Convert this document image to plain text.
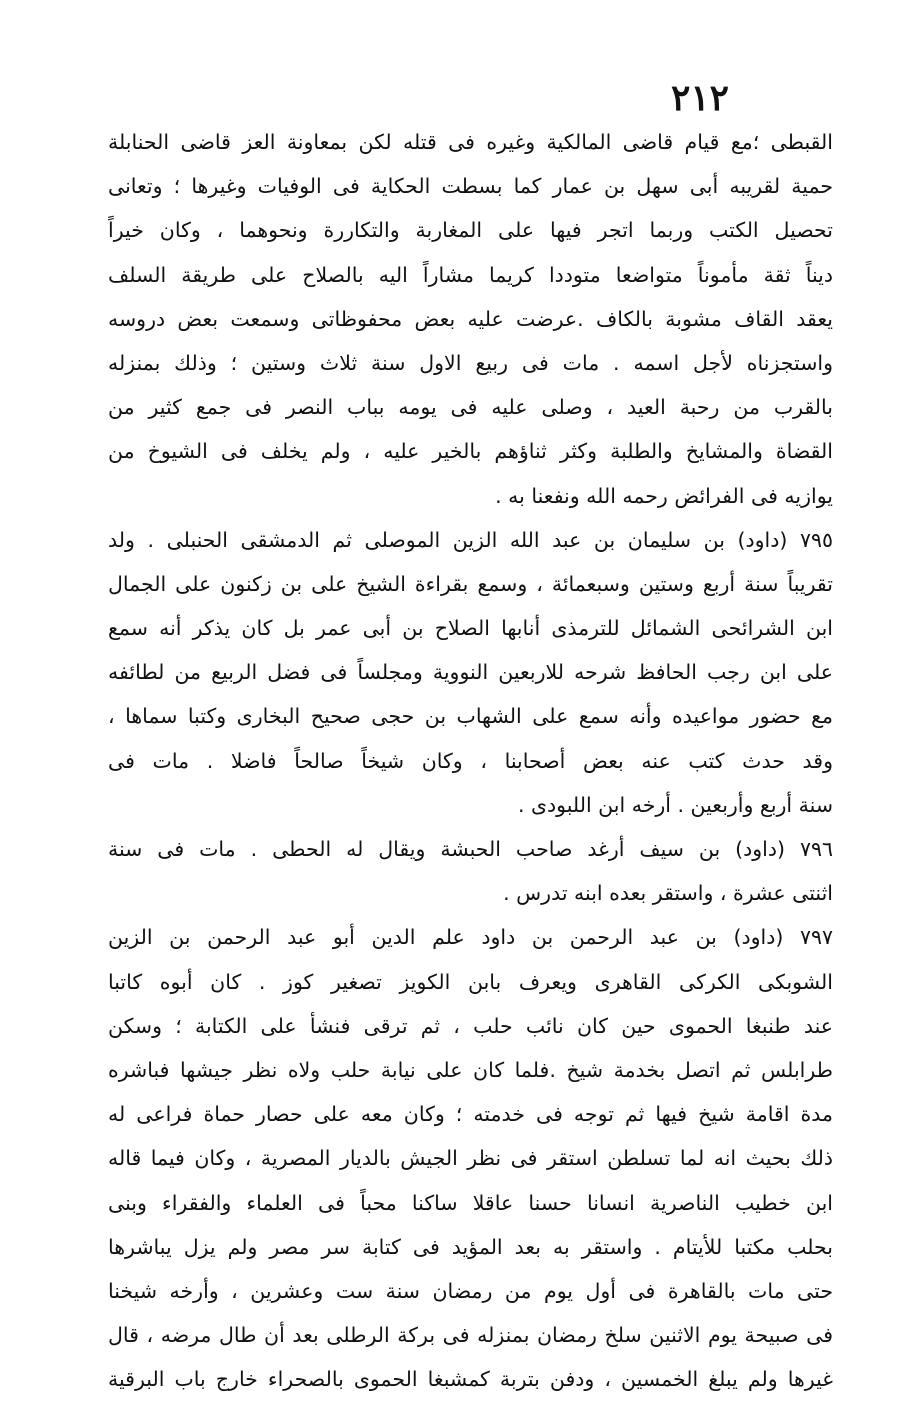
٢١٢
القبطى ؛مع قيام قاضى المالكية وغيره فى قتله لكن بمعاونة العز قاضى الحنابلة
حمية لقريبه أبى سهل بن عمار كما بسطت الحكاية فى الوفيات وغيرها ؛ وتعانى
تحصيل الكتب وربما اتجر فيها على المغاربة والتكاررة ونحوهما ، وكان خيراً
ديناً ثقة مأموناً متواضعا متوددا كريما مشاراً اليه بالصلاح على طريقة السلف
يعقد القاف مشوبة بالكاف .عرضت عليه بعض محفوظاتى وسمعت بعض دروسه
واستجزناه لأجل اسمه . مات فى ربيع الاول سنة ثلاث وستين ؛ وذلك بمنزله
بالقرب من رحبة العيد ، وصلى عليه فى يومه بباب النصر فى جمع كثير من
القضاة والمشايخ والطلبة وكثر ثناؤهم بالخير عليه ، ولم يخلف فى الشيوخ من
يوازيه فى الفرائض رحمه الله ونفعنا به .
٧٩٥ (داود) بن سليمان بن عبد الله الزين الموصلى ثم الدمشقى الحنبلى . ولد
تقريباً سنة أربع وستين وسبعمائة ، وسمع بقراءة الشيخ على بن زكنون على الجمال
ابن الشرائحى الشمائل للترمذى أنابها الصلاح بن أبى عمر بل كان يذكر أنه سمع
على ابن رجب الحافظ شرحه للاربعين النووية ومجلساً فى فضل الربيع من لطائفه
مع حضور مواعيده وأنه سمع على الشهاب بن حجى صحيح البخارى وكتبا سماها ،
وقد حدث كتب عنه بعض أصحابنا ، وكان شيخاً صالحاً فاضلا . مات فى
سنة أربع وأربعين . أرخه ابن اللبودى .
٧٩٦ (داود) بن سيف أرغد صاحب الحبشة ويقال له الحطى . مات فى سنة
اثنتى عشرة ، واستقر بعده ابنه تدرس .
٧٩٧ (داود) بن عبد الرحمن بن داود علم الدين أبو عبد الرحمن بن الزين
الشوبكى الكركى القاهرى ويعرف بابن الكويز تصغير كوز . كان أبوه كاتبا
عند طنبغا الحموى حين كان نائب حلب ، ثم ترقى فنشأ على الكتابة ؛ وسكن
طرابلس ثم اتصل بخدمة شيخ .فلما كان على نيابة حلب ولاه نظر جيشها فباشره
مدة اقامة شيخ فيها ثم توجه فى خدمته ؛ وكان معه على حصار حماة فراعى له
ذلك بحيث انه لما تسلطن استقر فى نظر الجيش بالديار المصرية ، وكان فيما قاله
ابن خطيب الناصرية انسانا حسنا عاقلا ساكنا محباً فى العلماء والفقراء وبنى
بحلب مكتبا للأيتام . واستقر به بعد المؤيد فى كتابة سر مصر ولم يزل يباشرها
حتى مات بالقاهرة فى أول يوم من رمضان سنة ست وعشرين ، وأرخه شيخنا
فى صبيحة يوم الاثنين سلخ رمضان بمنزله فى بركة الرطلى بعد أن طال مرضه ، قال
غيرها ولم يبلغ الخمسين ، ودفن بتربة كمشبغا الحموى بالصحراء خارج باب البرقية
